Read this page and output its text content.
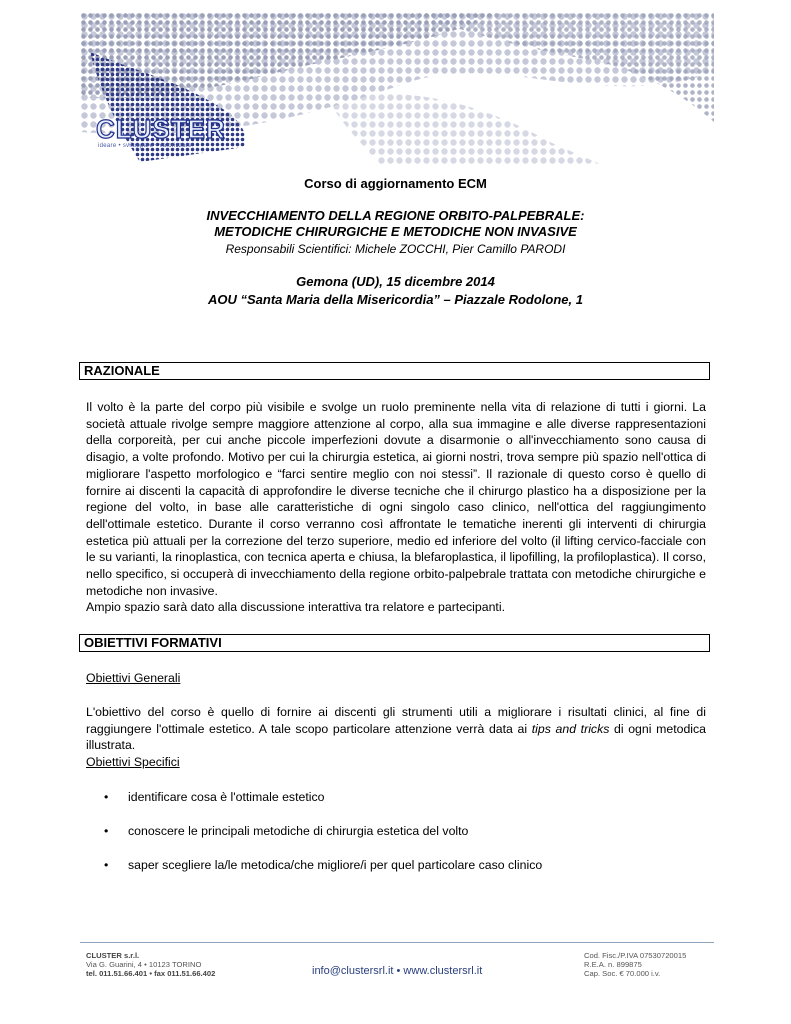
CLUSTER
ideare • sviluppare • valorizzare
Corso di aggiornamento ECM
INVECCHIAMENTO DELLA REGIONE ORBITO-PALPEBRALE:
METODICHE CHIRURGICHE E METODICHE NON INVASIVE
Responsabili Scientifici: Michele ZOCCHI, Pier Camillo PARODI
Gemona (UD), 15 dicembre 2014
AOU “Santa Maria della Misericordia” – Piazzale Rodolone, 1
RAZIONALE

Il volto è la parte del corpo più visibile e svolge un ruolo preminente nella vita di relazione di tutti i giorni. La società attuale rivolge sempre maggiore attenzione al corpo, alla sua immagine e alle diverse rappresentazioni della corporeità, per cui anche piccole imperfezioni dovute a disarmonie o all'invecchiamento sono causa di disagio, a volte profondo. Motivo per cui la chirurgia estetica, ai giorni nostri, trova sempre più spazio nell'ottica di migliorare l'aspetto morfologico e “farci sentire meglio con noi stessi”. Il razionale di questo corso è quello di fornire ai discenti la capacità di approfondire le diverse tecniche che il chirurgo plastico ha a disposizione per la regione del volto, in base alle caratteristiche di ogni singolo caso clinico, nell'ottica del raggiungimento dell'ottimale estetico. Durante il corso verranno così affrontate le tematiche inerenti gli interventi di chirurgia estetica più attuali per la correzione del terzo superiore, medio ed inferiore del volto (il lifting cervico-facciale con le su varianti, la rinoplastica, con tecnica aperta e chiusa, la blefaroplastica, il lipofilling, la profiloplastica). Il corso, nello specifico, si occuperà di invecchiamento della regione orbito-palpebrale trattata con metodiche chirurgiche e metodiche non invasive.

Ampio spazio sarà dato alla discussione interattiva tra relatore e partecipanti.

OBIETTIVI FORMATIVI
Obiettivi Generali

L'obiettivo del corso è quello di fornire ai discenti gli strumenti utili a migliorare i risultati clinici, al fine di raggiungere l'ottimale estetico. A tale scopo particolare attenzione verrà data ai tips and tricks di ogni metodica illustrata.

Obiettivi Specifici
• identificare cosa è l'ottimale estetico
• conoscere le principali metodiche di chirurgia estetica del volto
• saper scegliere la/le metodica/che migliore/i per quel particolare caso clinico
CLUSTER s.r.l.
Via G. Guarini, 4 • 10123 TORINO
tel. 011.51.66.401 • fax 011.51.66.402	info@clustersrl.it • www.clustersrl.it
Cod. Fisc./P.IVA 07530720015
R.E.A. n. 899875
Cap. Soc. € 70.000 i.v.
